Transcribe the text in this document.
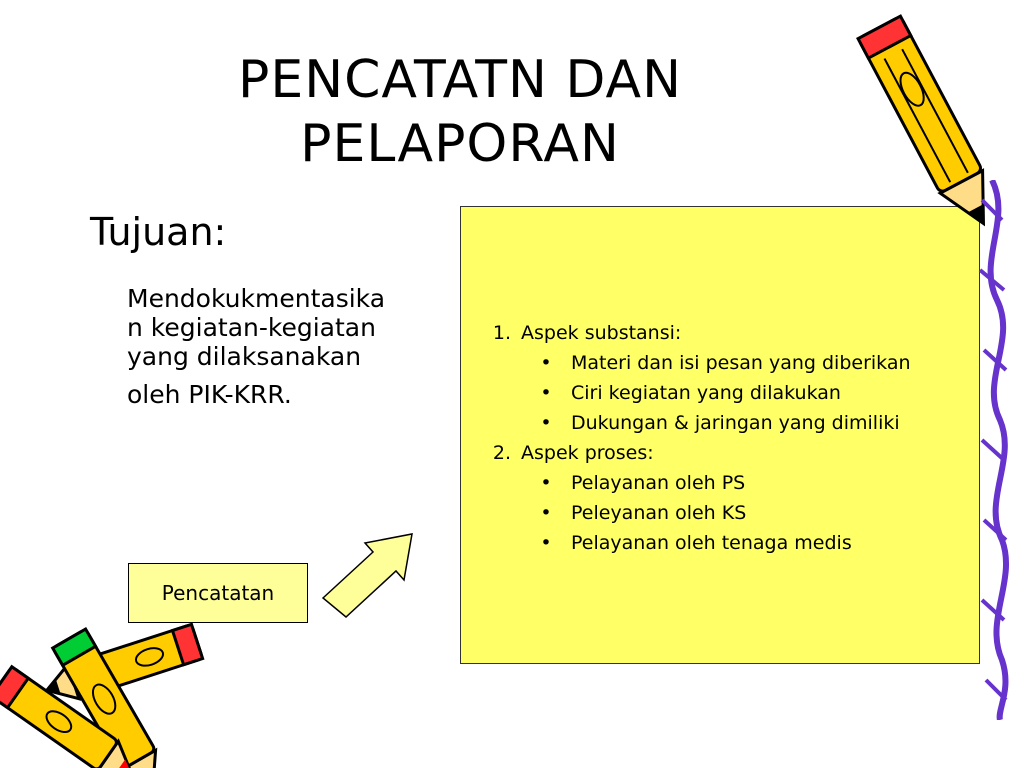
PENCATATN DAN
PELAPORAN
Tujuan:
Mendokukmentasikan kegiatan-kegiatan yang dilaksanakan
oleh PIK-KRR.
1. Aspek substansi:
•	Materi dan isi pesan yang diberikan
•	Ciri kegiatan yang dilakukan
•	Dukungan & jaringan yang dimiliki
2. Aspek proses:
•	Pelayanan oleh PS
•	Peleyanan oleh KS
•	Pelayanan oleh tenaga medis
Pencatatan
